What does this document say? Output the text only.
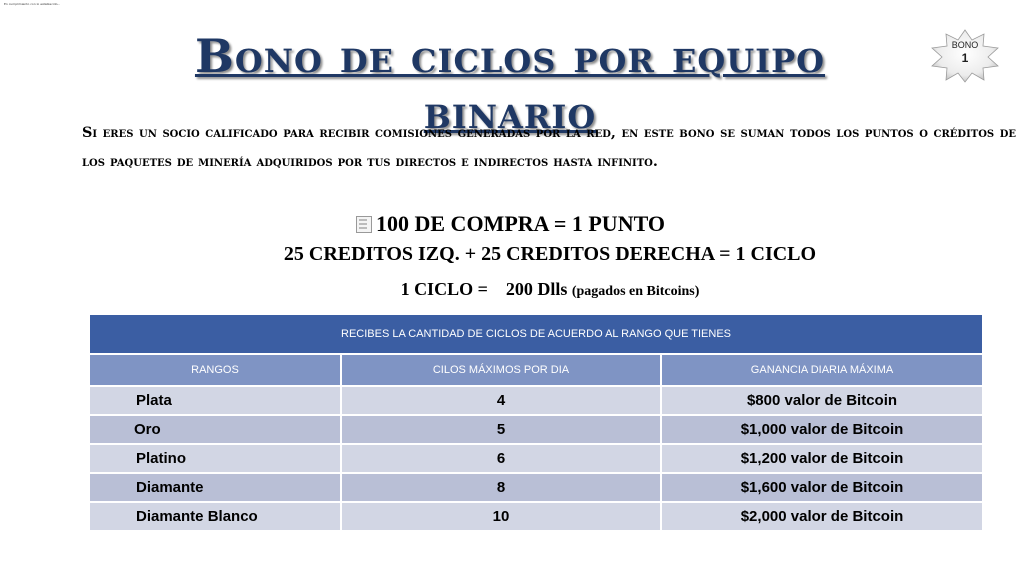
En cumplimiento con lo establecido...
Bono de ciclos por equipo binario
BONO
1

Si eres un socio calificado para recibir comisiones generadas por la red, en este bono se suman todos los puntos o créditos de los paquetes de minería adquiridos por tus directos e indirectos hasta infinito.

100 DE COMPRA = 1 PUNTO
25 CREDITOS IZQ. + 25 CREDITOS DERECHA = 1 CICLO
1 CICLO =    200 Dlls (pagados en Bitcoins)
RECIBES LA CANTIDAD DE CICLOS DE ACUERDO AL RANGO QUE TIENES		
RANGOS	CILOS MÁXIMOS POR DIA	GANANCIA DIARIA MÁXIMA
Plata	4	$800 valor de Bitcoin
Oro	5	$1,000 valor de Bitcoin
Platino	6	$1,200 valor de Bitcoin
Diamante	8	$1,600 valor de Bitcoin
Diamante Blanco	10	$2,000 valor de Bitcoin
